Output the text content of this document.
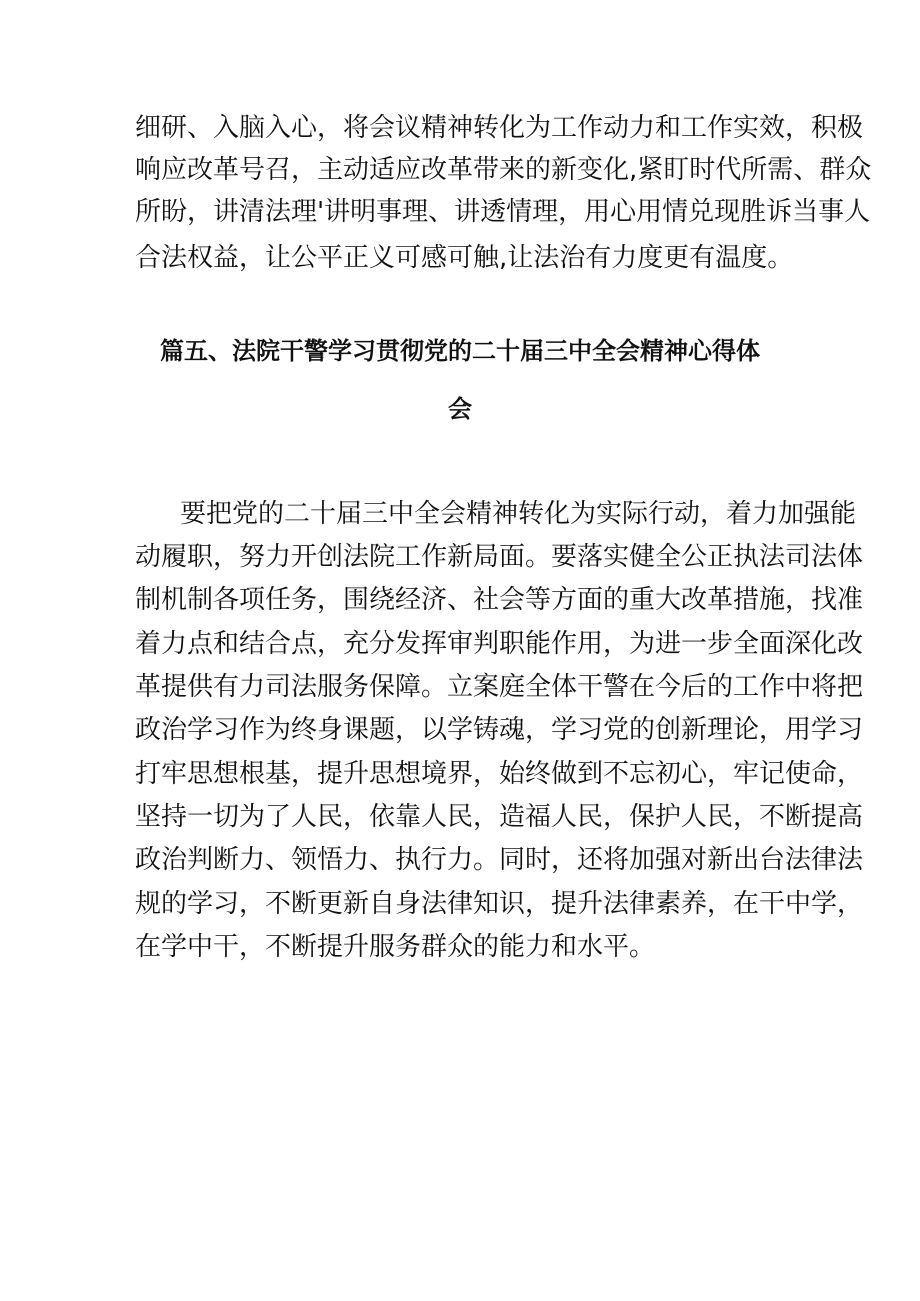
细研、入脑入心，将会议精神转化为工作动力和工作实效，积极
响应改革号召，主动适应改革带来的新变化,紧盯时代所需、群众
所盼，讲清法理'讲明事理、讲透情理，用心用情兑现胜诉当事人
合法权益，让公平正义可感可触,让法治有力度更有温度。
篇五、法院干警学习贯彻党的二十届三中全会精神心得体
会
要把党的二十届三中全会精神转化为实际行动，着力加强能
动履职，努力开创法院工作新局面。要落实健全公正执法司法体
制机制各项任务，围绕经济、社会等方面的重大改革措施，找准
着力点和结合点，充分发挥审判职能作用，为进一步全面深化改
革提供有力司法服务保障。立案庭全体干警在今后的工作中将把
政治学习作为终身课题，以学铸魂，学习党的创新理论，用学习
打牢思想根基，提升思想境界，始终做到不忘初心，牢记使命，
坚持一切为了人民，依靠人民，造福人民，保护人民，不断提高
政治判断力、领悟力、执行力。同时，还将加强对新出台法律法
规的学习，不断更新自身法律知识，提升法律素养，在干中学，
在学中干，不断提升服务群众的能力和水平。
